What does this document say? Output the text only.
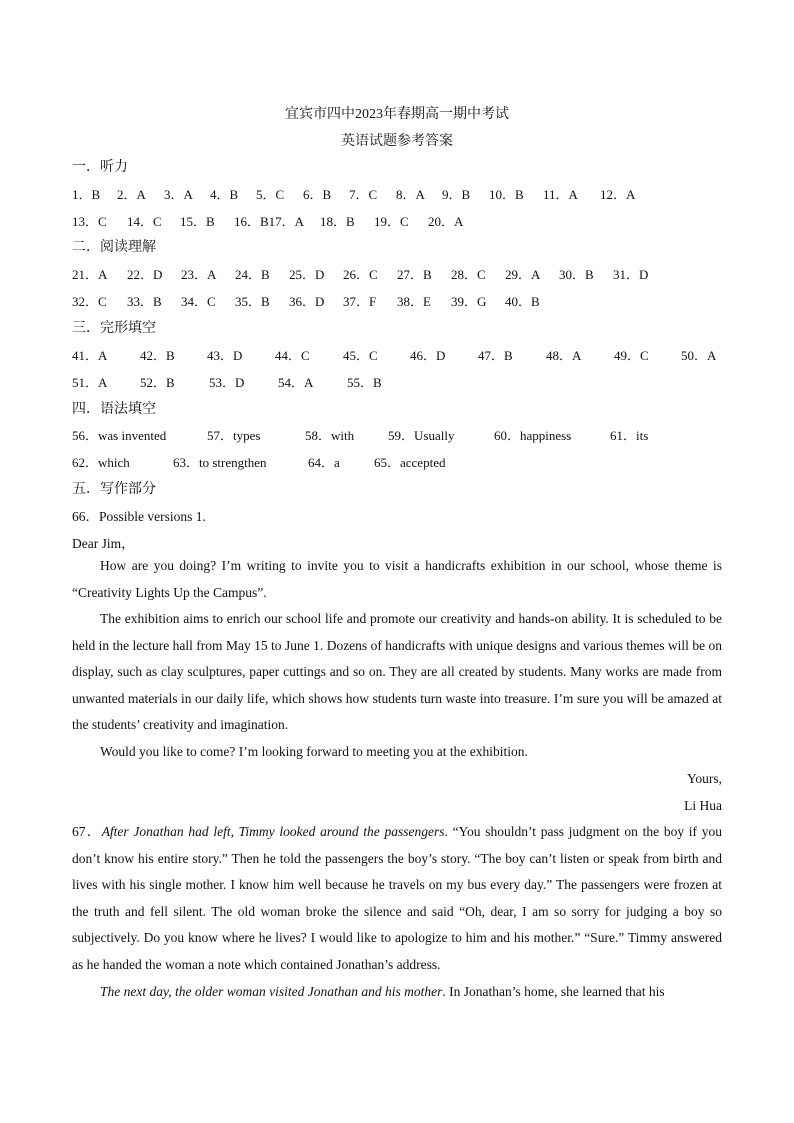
宜宾市四中2023年春期高一期中考试
英语试题参考答案
一．听力
1．B 2．A 3．A 4．B 5．C 6．B 7．C 8．A 9．B 10．B 11．A 12．A
13．C 14．C 15．B 16．B17．A 18．B 19．C 20．A
二．阅读理解
21．A 22．D 23．A 24．B 25．D 26．C 27．B 28．C 29．A 30．B 31．D
32．C 33．B 34．C 35．B 36．D 37．F 38．E 39．G 40．B
三．完形填空
41．A	42．B 43．D	44．C	45．C 46．D	47．B	48．A	49．C 50．A
51．A	52．B	53．D	54．A	55．B
四．语法填空
56．was invented	57．types	58．with	59．Usually	60．happiness	61．its
62．which	63．to strengthen	64．a	65．accepted
五．写作部分
66．Possible versions 1.
Dear Jim，
How are you doing? I’m writing to invite you to visit a handicrafts exhibition in our school, whose theme is “Creativity Lights Up the Campus”.
The exhibition aims to enrich our school life and promote our creativity and hands-on ability. It is scheduled to be held in the lecture hall from May 15 to June 1. Dozens of handicrafts with unique designs and various themes will be on display, such as clay sculptures, paper cuttings and so on. They are all created by students. Many works are made from unwanted materials in our daily life, which shows how students turn waste into treasure. I’m sure you will be amazed at the students’ creativity and imagination.
Would you like to come? I’m looking forward to meeting you at the exhibition.
Yours,
Li Hua
67．After Jonathan had left, Timmy looked around the passengers. “You shouldn’t pass judgment on the boy if you don’t know his entire story.” Then he told the passengers the boy’s story. “The boy can’t listen or speak from birth and lives with his single mother. I know him well because he travels on my bus every day.” The passengers were frozen at the truth and fell silent. The old woman broke the silence and said “Oh, dear, I am so sorry for judging a boy so subjectively. Do you know where he lives? I would like to apologize to him and his mother.” “Sure.” Timmy answered as he handed the woman a note which contained Jonathan’s address.
The next day, the older woman visited Jonathan and his mother. In Jonathan’s home, she learned that his
